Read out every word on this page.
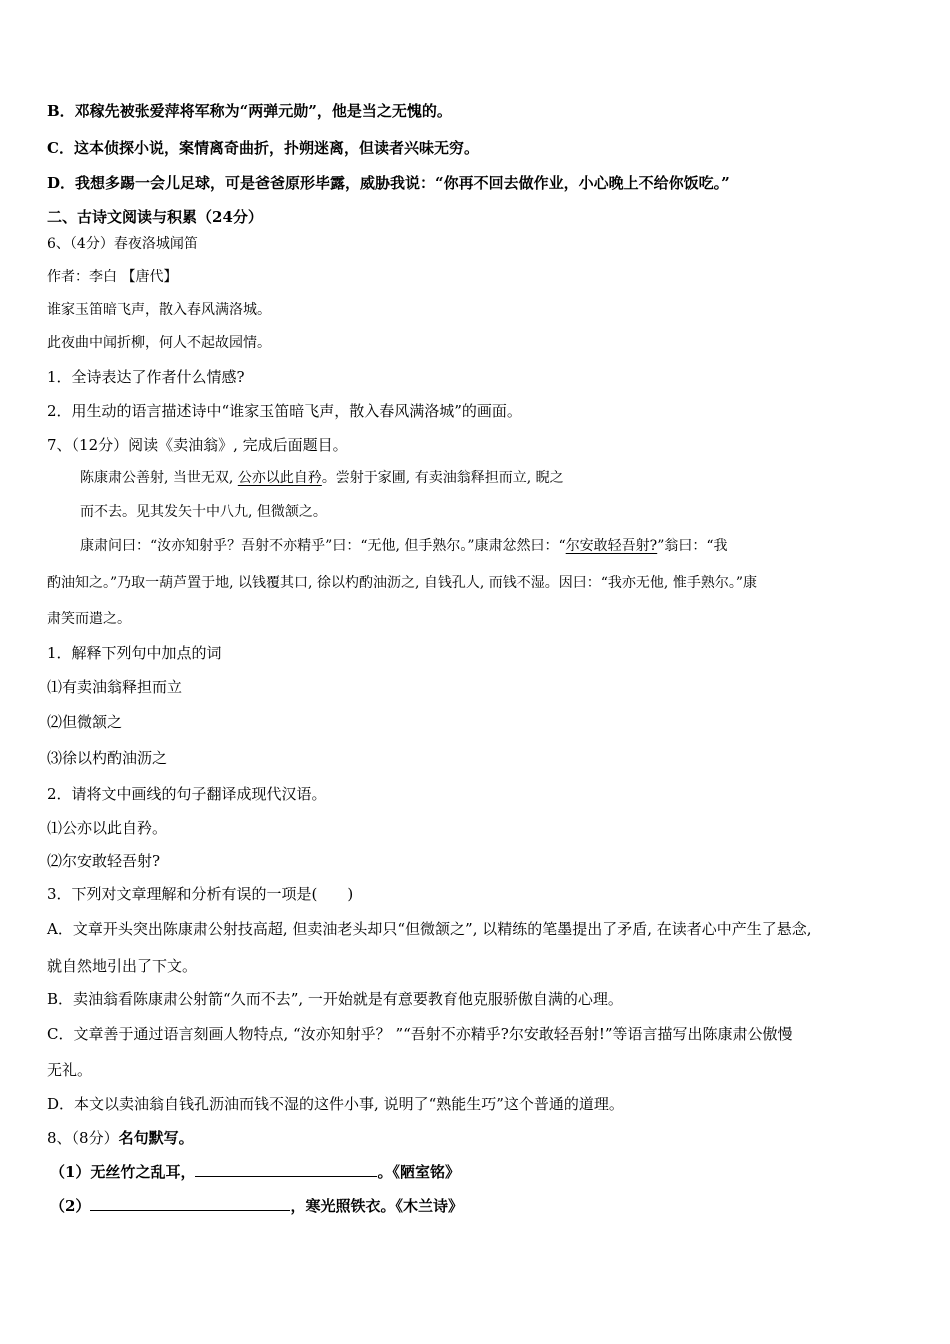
B．邓稼先被张爱萍将军称为“两弹元勋”，他是当之无愧的。
C．这本侦探小说，案情离奇曲折，扑朔迷离，但读者兴味无穷。
D．我想多踢一会儿足球，可是爸爸原形毕露，威胁我说：“你再不回去做作业，小心晚上不给你饭吃。”
二、古诗文阅读与积累（24分）
6、（4分）春夜洛城闻笛
作者：李白 【唐代】
谁家玉笛暗飞声，散入春风满洛城。
此夜曲中闻折柳，何人不起故园情。
1．全诗表达了作者什么情感?
2．用生动的语言描述诗中“谁家玉笛暗飞声，散入春风满洛城”的画面。
7、（12分）阅读《卖油翁》, 完成后面题目。
陈康肃公善射, 当世无双, 公亦以此自矜。尝射于家圃, 有卖油翁释担而立, 睨之
而不去。见其发矢十中八九, 但微颔之。
康肃问曰：“汝亦知射乎？吾射不亦精乎”曰：“无他, 但手熟尔。”康肃忿然曰：“尔安敢轻吾射?”翁曰：“我
酌油知之。”乃取一葫芦置于地, 以钱覆其口, 徐以杓酌油沥之, 自钱孔人, 而钱不湿。因曰：“我亦无他, 惟手熟尔。”康
肃笑而遣之。
1．解释下列句中加点的词
⑴有卖油翁释担而立
⑵但微颔之
⑶徐以杓酌油沥之
2．请将文中画线的句子翻译成现代汉语。
⑴公亦以此自矜。
⑵尔安敢轻吾射?
3．下列对文章理解和分析有误的一项是(　　)
A．文章开头突出陈康肃公射技高超, 但卖油老头却只“但微颔之”, 以精练的笔墨提出了矛盾, 在读者心中产生了悬念,
就自然地引出了下文。
B．卖油翁看陈康肃公射箭“久而不去”, 一开始就是有意要教育他克服骄傲自满的心理。
C．文章善于通过语言刻画人物特点, “汝亦知射乎？ ”“吾射不亦精乎?尔安敢轻吾射!”等语言描写出陈康肃公傲慢
无礼。
D．本文以卖油翁自钱孔沥油而钱不湿的这件小事, 说明了“熟能生巧”这个普通的道理。
8、（8分）名句默写。
（1）无丝竹之乱耳，	。《陋室铭》
（2）	，寒光照铁衣。《木兰诗》
